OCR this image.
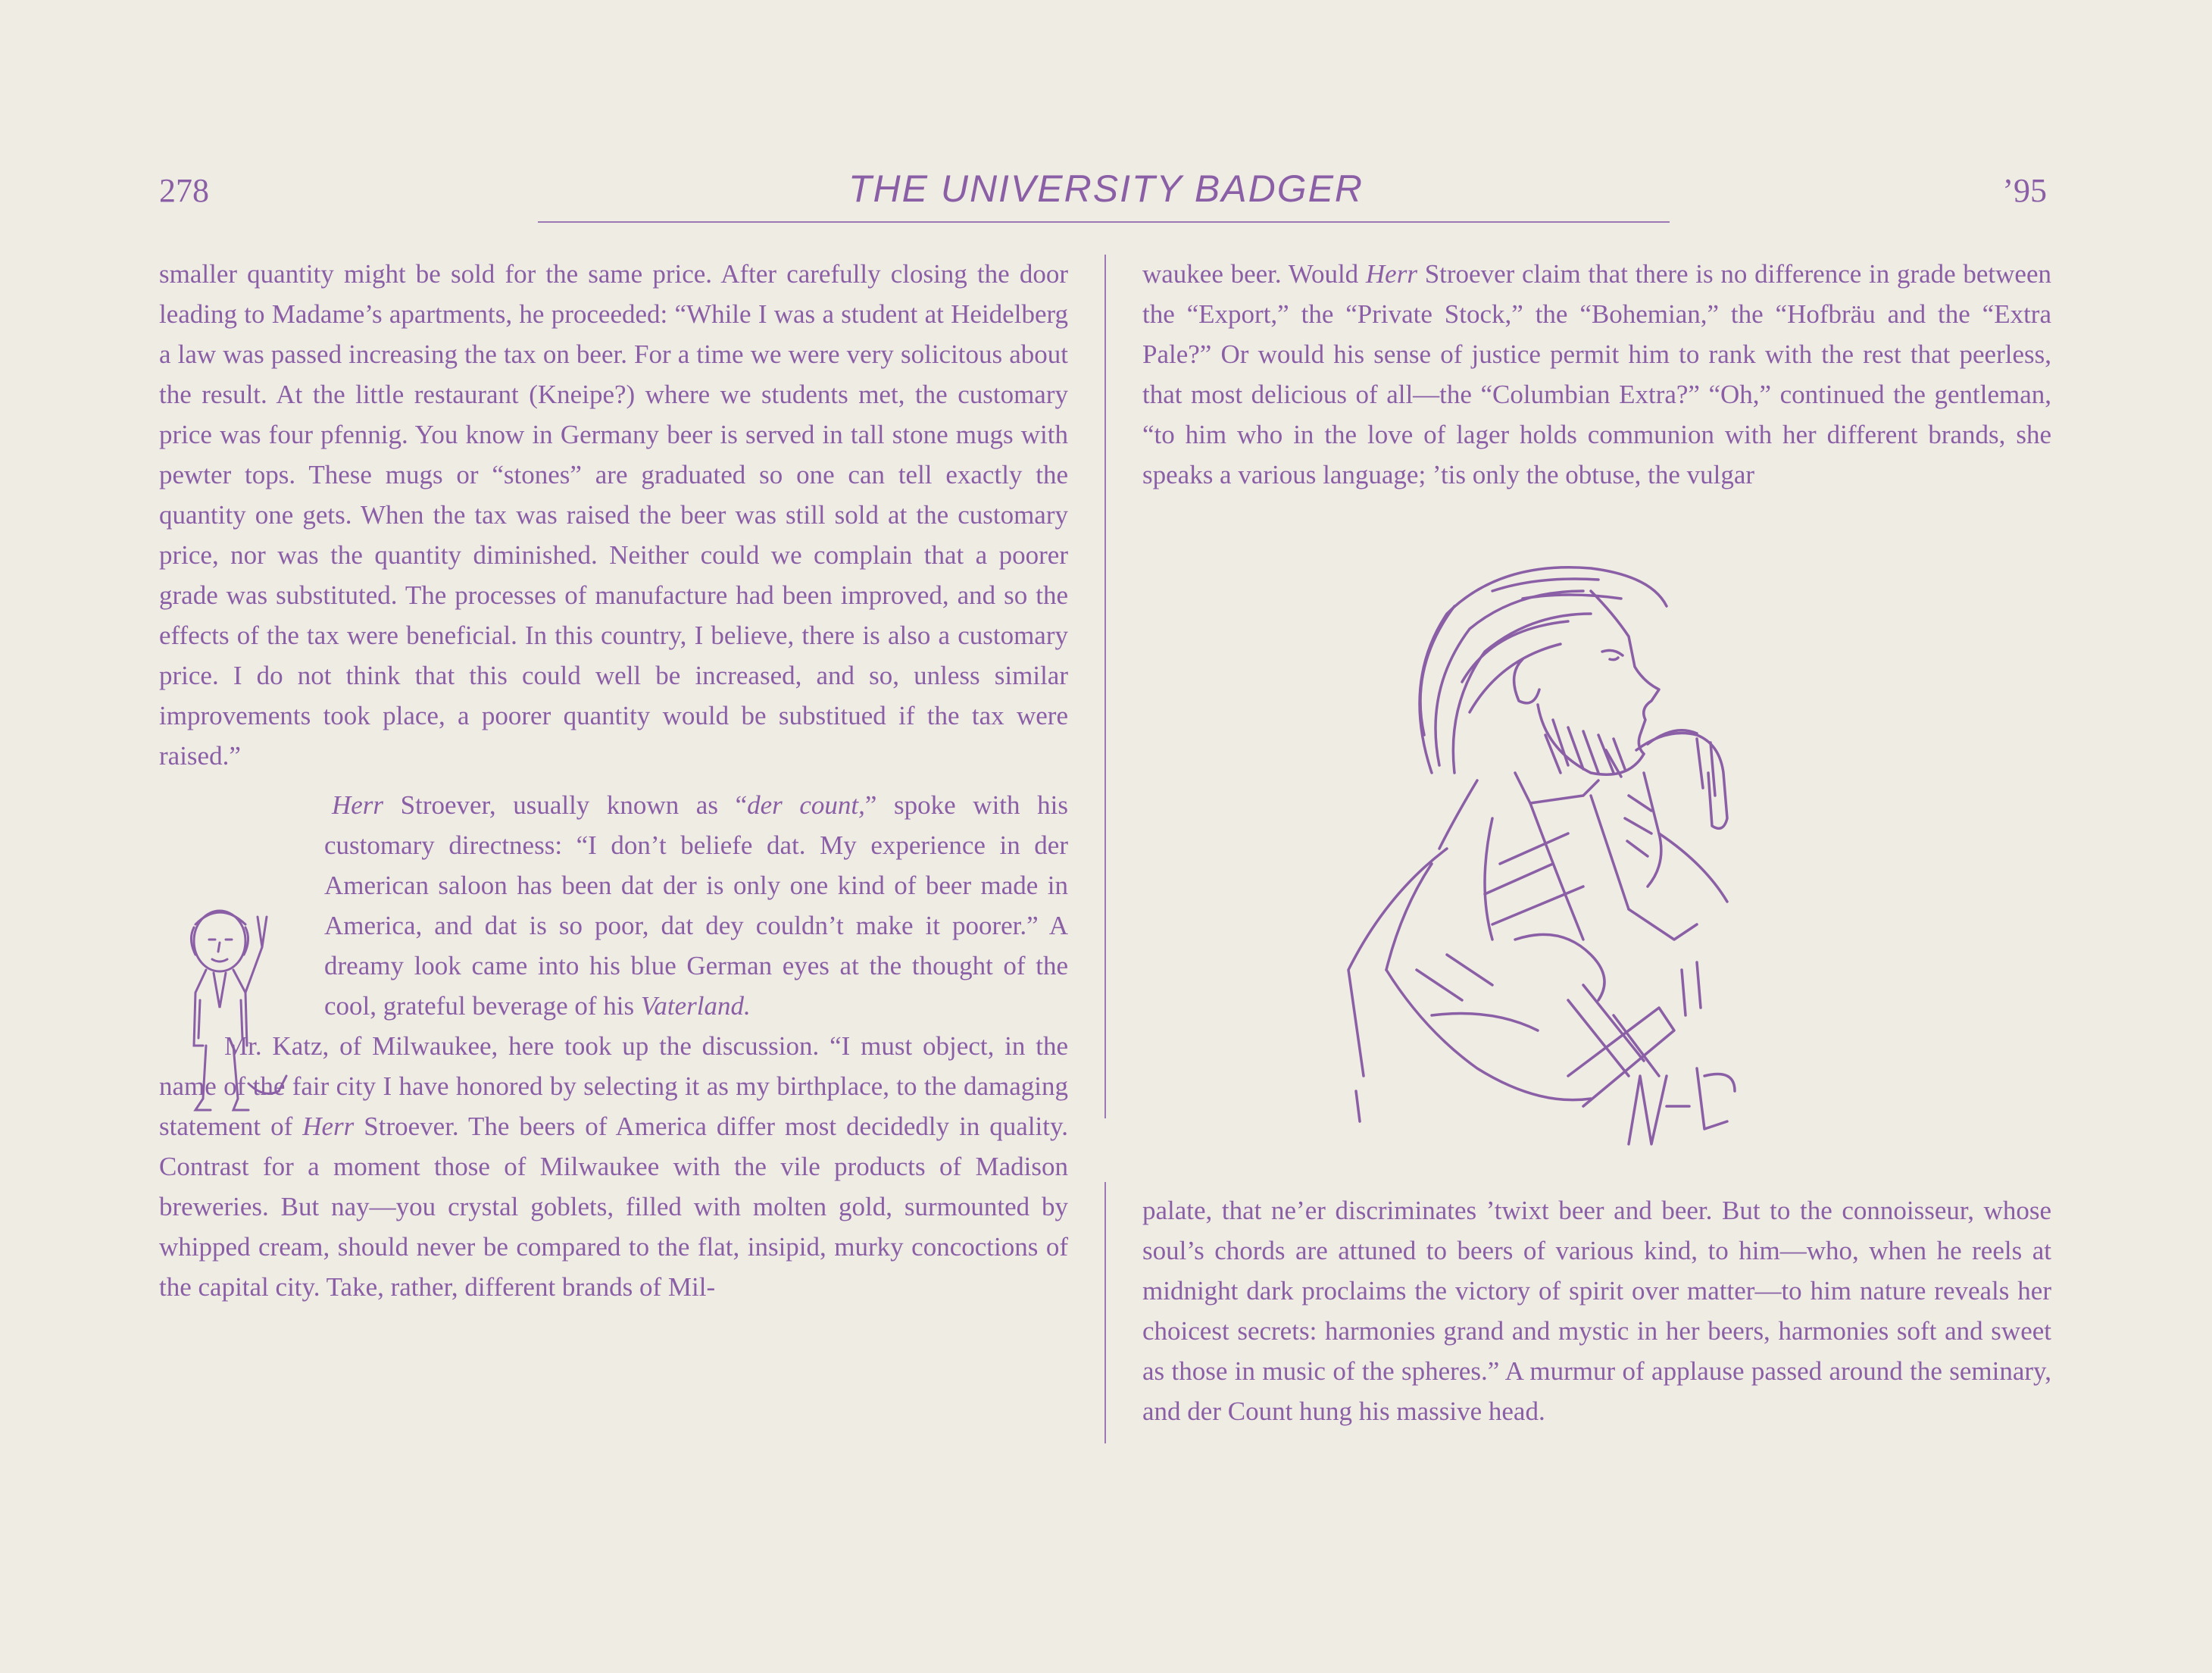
278	THE UNIVERSITY BADGER	’95

smaller quantity might be sold for the same price. After carefully closing the door leading to Madame’s apartments, he proceeded: “While I was a student at Heidelberg a law was passed increasing the tax on beer. For a time we were very solicitous about the result. At the little restaurant (Kneipe?) where we students met, the customary price was four pfennig. You know in Germany beer is served in tall stone mugs with pewter tops. These mugs or “stones” are graduated so one can tell exactly the quantity one gets. When the tax was raised the beer was still sold at the customary price, nor was the quantity diminished. Neither could we complain that a poorer grade was substituted. The processes of manufacture had been improved, and so the effects of the tax were beneficial. In this country, I believe, there is also a customary price. I do not think that this could well be increased, and so, unless similar improvements took place, a poorer quantity would be substitued if the tax were raised.”

Herr Stroever, usually known as “der count,” spoke with his customary directness: “I don’t beliefe dat. My experience in der American saloon has been dat der is only one kind of beer made in America, and dat is so poor, dat dey couldn’t make it poorer.” A dreamy look came into his blue German eyes at the thought of the cool, grateful beverage of his Vaterland.

Mr. Katz, of Milwaukee, here took up the discussion. “I must object, in the name of the fair city I have honored by selecting it as my birthplace, to the damaging statement of Herr Stroever. The beers of America differ most decidedly in quality. Contrast for a moment those of Milwaukee with the vile products of Madison breweries. But nay—you crystal goblets, filled with molten gold, surmounted by whipped cream, should never be compared to the flat, insipid, murky concoctions of the capital city. Take, rather, different brands of Mil-

waukee beer. Would Herr Stroever claim that there is no difference in grade between the “Export,” the “Private Stock,” the “Bohemian,” the “Hofbräu and the “Extra Pale?” Or would his sense of justice permit him to rank with the rest that peerless, that most delicious of all—the “Columbian Extra?” “Oh,” continued the gentleman, “to him who in the love of lager holds communion with her different brands, she speaks a various language; ’tis only the obtuse, the vulgar

palate, that ne’er discriminates ’twixt beer and beer. But to the connoisseur, whose soul’s chords are attuned to beers of various kind, to him—who, when he reels at midnight dark proclaims the victory of spirit over matter—to him nature reveals her choicest secrets: harmonies grand and mystic in her beers, harmonies soft and sweet as those in music of the spheres.” A murmur of applause passed around the seminary, and der Count hung his massive head.
